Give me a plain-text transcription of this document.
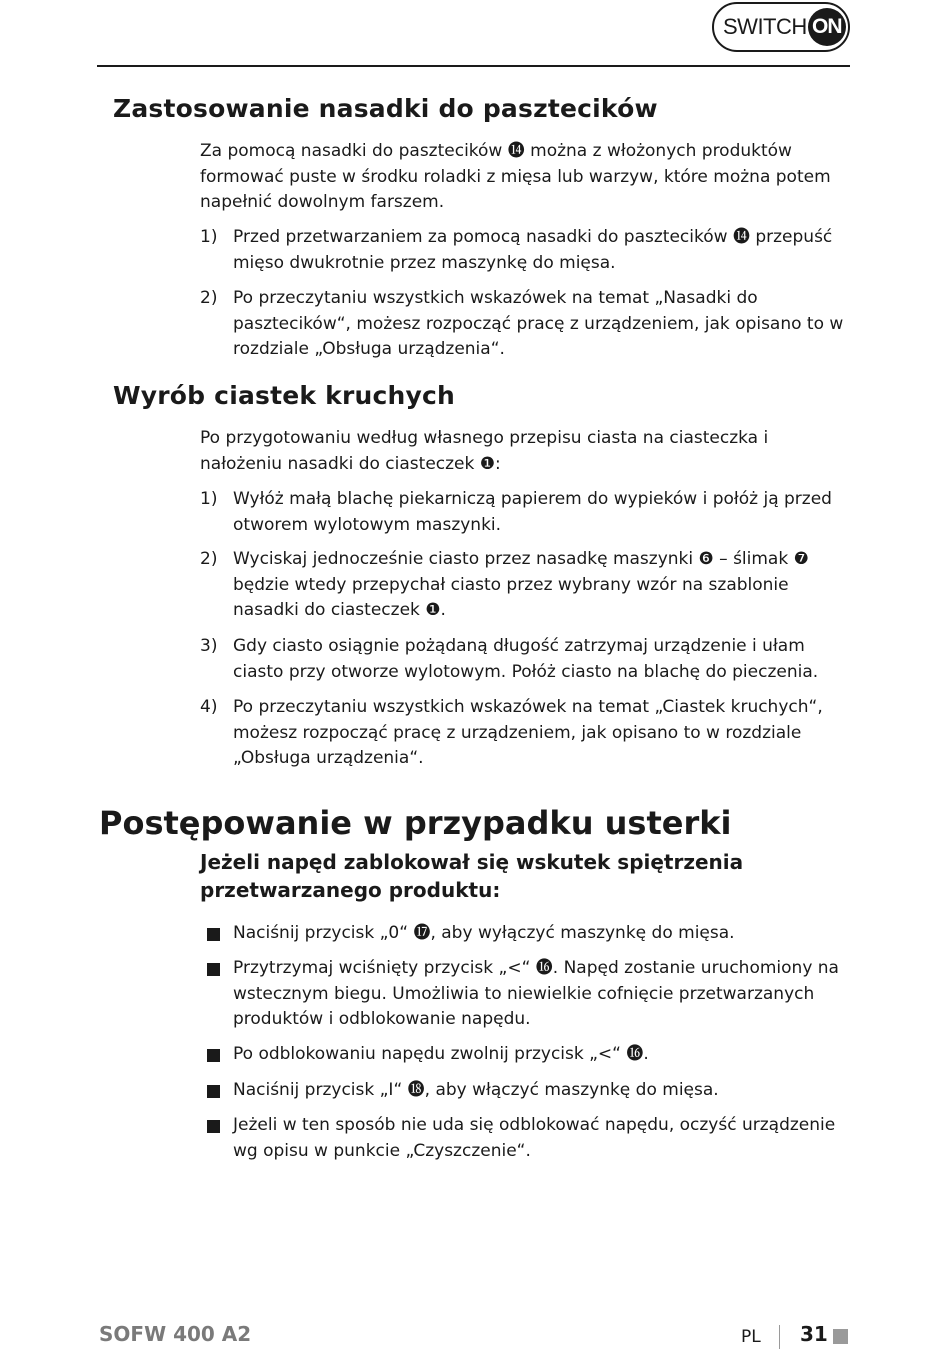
SWITCH ON
Zastosowanie nasadki do pasztecików

Za pomocą nasadki do pasztecików ⓮ można z włożonych produktów formować puste w środku roladki z mięsa lub warzyw, które można potem napełnić dowolnym farszem.

1) Przed przetwarzaniem za pomocą nasadki do pasztecików ⓮ przepuść mięso dwukrotnie przez maszynkę do mięsa.
2) Po przeczytaniu wszystkich wskazówek na temat „Nasadki do pasztecików“, możesz rozpocząć pracę z urządzeniem, jak opisano to w rozdziale „Obsługa urządzenia“.
Wyrób ciastek kruchych

Po przygotowaniu według własnego przepisu ciasta na ciasteczka i nałożeniu nasadki do ciasteczek ❶:

1) Wyłóż małą blachę piekarniczą papierem do wypieków i połóż ją przed otworem wylotowym maszynki.
2) Wyciskaj jednocześnie ciasto przez nasadkę maszynki ❻ – ślimak ❼ będzie wtedy przepychał ciasto przez wybrany wzór na szablonie nasadki do ciasteczek ❶.
3) Gdy ciasto osiągnie pożądaną długość zatrzymaj urządzenie i ułam ciasto przy otworze wylotowym. Połóż ciasto na blachę do pieczenia.
4) Po przeczytaniu wszystkich wskazówek na temat „Ciastek kruchych“, możesz rozpocząć pracę z urządzeniem, jak opisano to w rozdziale „Obsługa urządzenia“.
Postępowanie w przypadku usterki
Jeżeli napęd zablokował się wskutek spiętrzenia przetwarzanego produktu:
Naciśnij przycisk „0“ ⓱, aby wyłączyć maszynkę do mięsa.
Przytrzymaj wciśnięty przycisk „<“ ⓰. Napęd zostanie uruchomiony na wstecznym biegu. Umożliwia to niewielkie cofnięcie przetwarzanych produktów i odblokowanie napędu.
Po odblokowaniu napędu zwolnij przycisk „<“ ⓰.
Naciśnij przycisk „I“ ⓲, aby włączyć maszynkę do mięsa.
Jeżeli w ten sposób nie uda się odblokować napędu, oczyść urządzenie wg opisu w punkcie „Czyszczenie“.
SOFW 400 A2	PL 31
